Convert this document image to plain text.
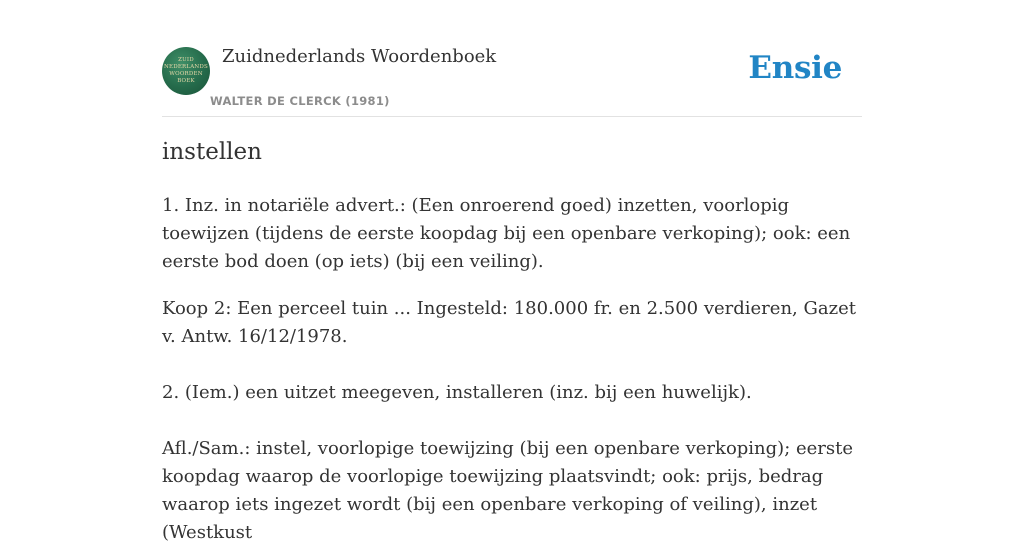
ZUID
NEDERLANDS
WOORDEN
BOEK
Zuidnederlands Woordenboek
WALTER DE CLERCK (1981)
Ensie
instellen

1. Inz. in notariële advert.: (Een onroerend goed) inzetten, voorlopig toewijzen (tijdens de eerste koopdag bij een openbare verkoping); ook: een eerste bod doen (op iets) (bij een veiling).

Koop 2: Een perceel tuin ... Ingesteld: 180.000 fr. en 2.500 verdieren, Gazet v. Antw. 16/12/1978.

2. (Iem.) een uitzet meegeven, installeren (inz. bij een huwelijk).

Afl./Sam.: instel, voorlopige toewijzing (bij een openbare verkoping); eerste koopdag waarop de voorlopige toewijzing plaatsvindt; ook: prijs, bedrag waarop iets ingezet wordt (bij een openbare verkoping of veiling), inzet (Westkust
